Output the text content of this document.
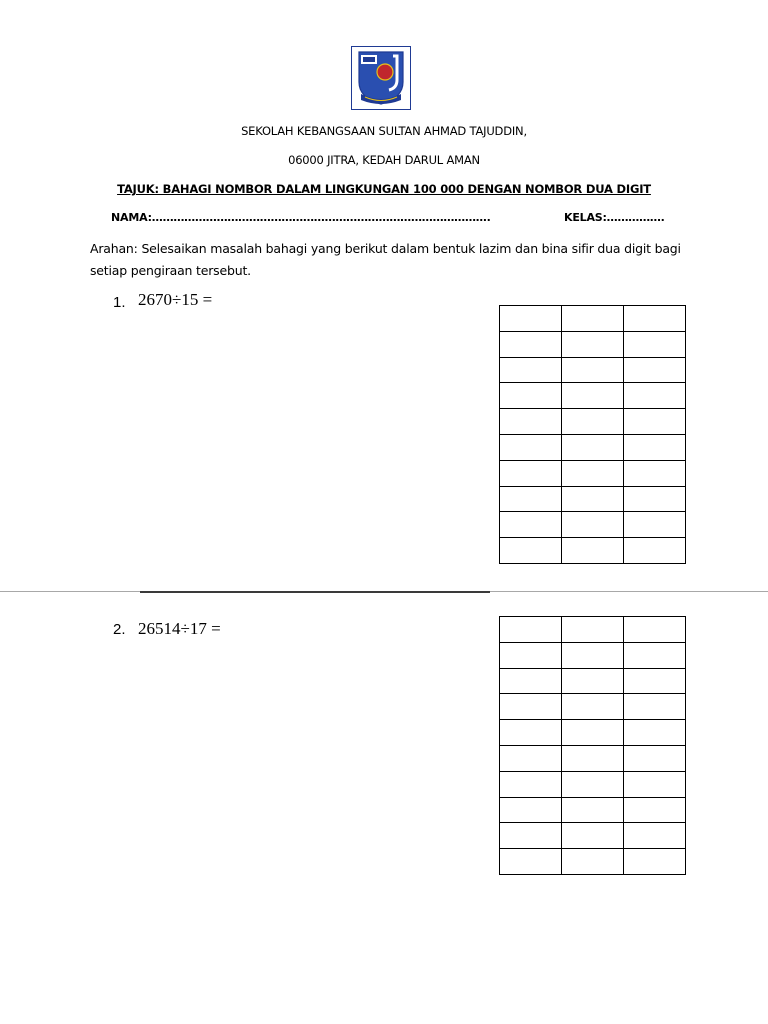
SEKOLAH KEBANGSAAN SULTAN AHMAD TAJUDDIN,
06000 JITRA, KEDAH DARUL AMAN
TAJUK: BAHAGI NOMBOR DALAM LINGKUNGAN 100 000 DENGAN NOMBOR DUA DIGIT
NAMA:………………………………………………………………………………….	KELAS:…………….
Arahan: Selesaikan masalah bahagi yang berikut dalam bentuk lazim dan bina sifir dua digit bagi setiap pengiraan tersebut.
1. 2670÷15 =

2. 26514÷17 =
